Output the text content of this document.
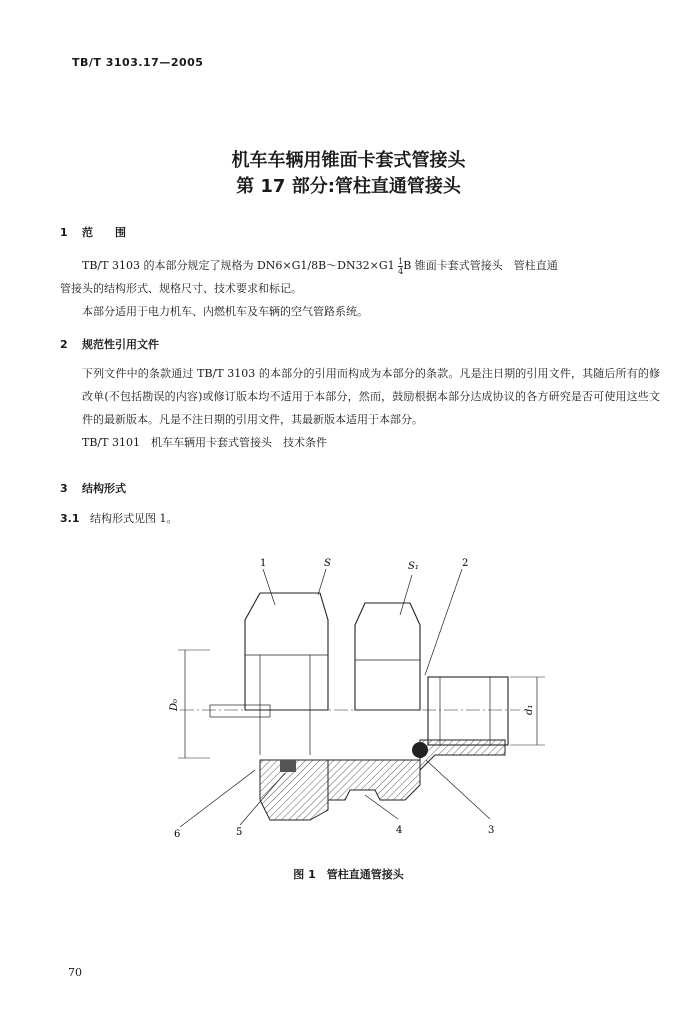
TB/T 3103.17—2005
机车车辆用锥面卡套式管接头
第 17 部分:管柱直通管接头
1 范　　围
TB/T 3103 的本部分规定了规格为 DN6×G1/8B～DN32×G1 $\frac{1}{4}$ B 锥面卡套式管接头　管柱直通
管接头的结构形式、规格尺寸、技术要求和标记。
本部分适用于电力机车、内燃机车及车辆的空气管路系统。
2 规范性引用文件
下列文件中的条款通过 TB/T 3103 的本部分的引用而构成为本部分的条款。凡是注日期的引用文件，其随后所有的修改单(不包括勘误的内容)或修订版本均不适用于本部分，然而，鼓励根据本部分达成协议的各方研究是否可使用这些文件的最新版本。凡是不注日期的引用文件，其最新版本适用于本部分。
TB/T 3101　机车车辆用卡套式管接头　技术条件
3 结构形式
3.1 结构形式见图 1。
1	S	S₁	2
6	5	4	3
D₀	d₁
图 1　管柱直通管接头
70
